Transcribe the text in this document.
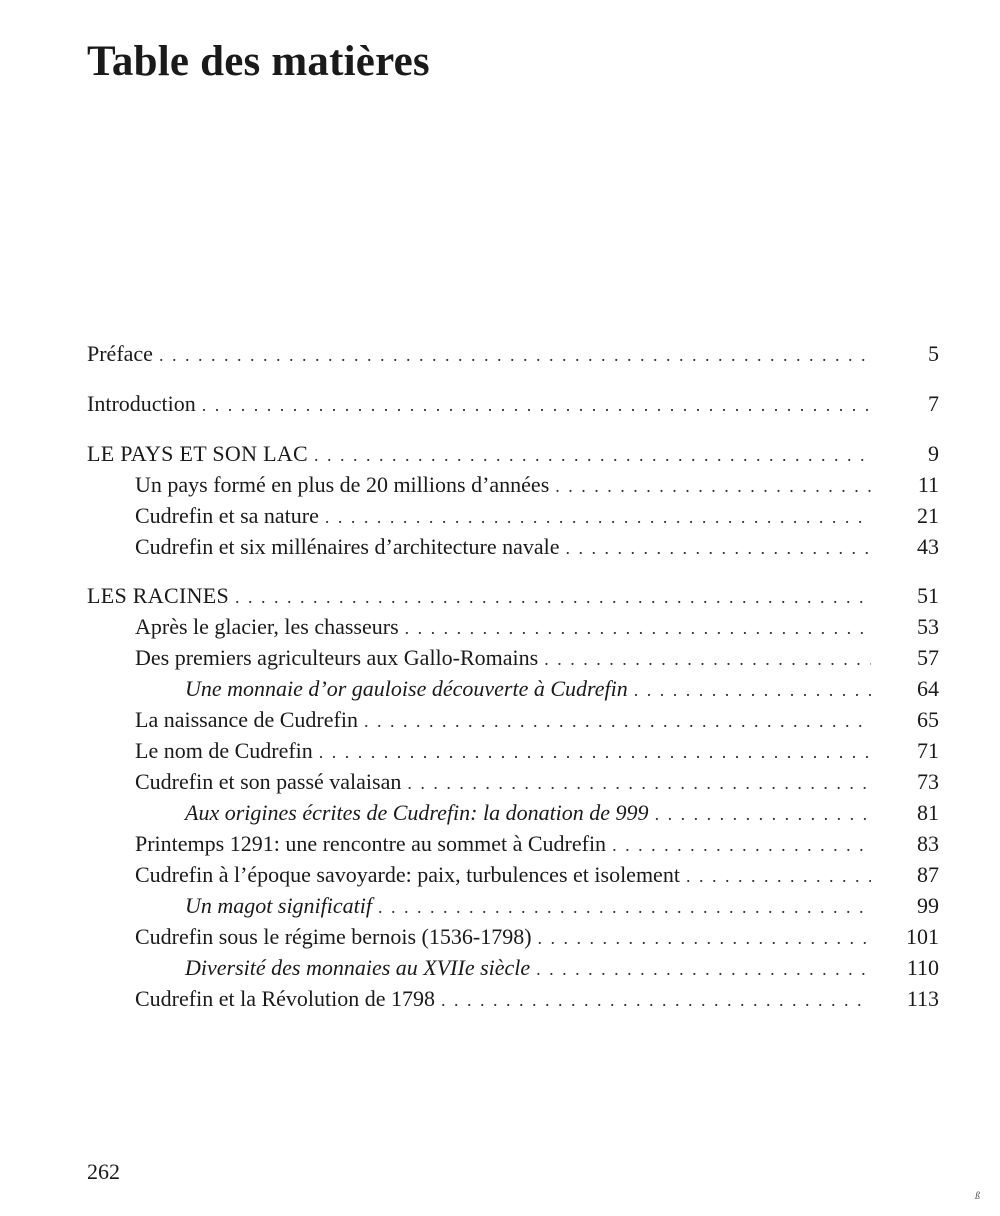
Table des matières
Préface . . .	5
Introduction . . .	7
LE PAYS ET SON LAC . . .	9
Un pays formé en plus de 20 millions d’années . . .	11
Cudrefin et sa nature . . .	21
Cudrefin et six millénaires d’architecture navale . . .	43
LES RACINES . . .	51
Après le glacier, les chasseurs . . .	53
Des premiers agriculteurs aux Gallo-Romains . . .	57
Une monnaie d’or gauloise découverte à Cudrefin . . .	64
La naissance de Cudrefin . . .	65
Le nom de Cudrefin . . .	71
Cudrefin et son passé valaisan . . .	73
Aux origines écrites de Cudrefin: la donation de 999 . . .	81
Printemps 1291: une rencontre au sommet à Cudrefin . . .	83
Cudrefin à l’époque savoyarde: paix, turbulences et isolement . . .	87
Un magot significatif . . .	99
Cudrefin sous le régime bernois (1536-1798) . . .	101
Diversité des monnaies au XVIIe siècle . . .	110
Cudrefin et la Révolution de 1798 . . .	113
262
ß
